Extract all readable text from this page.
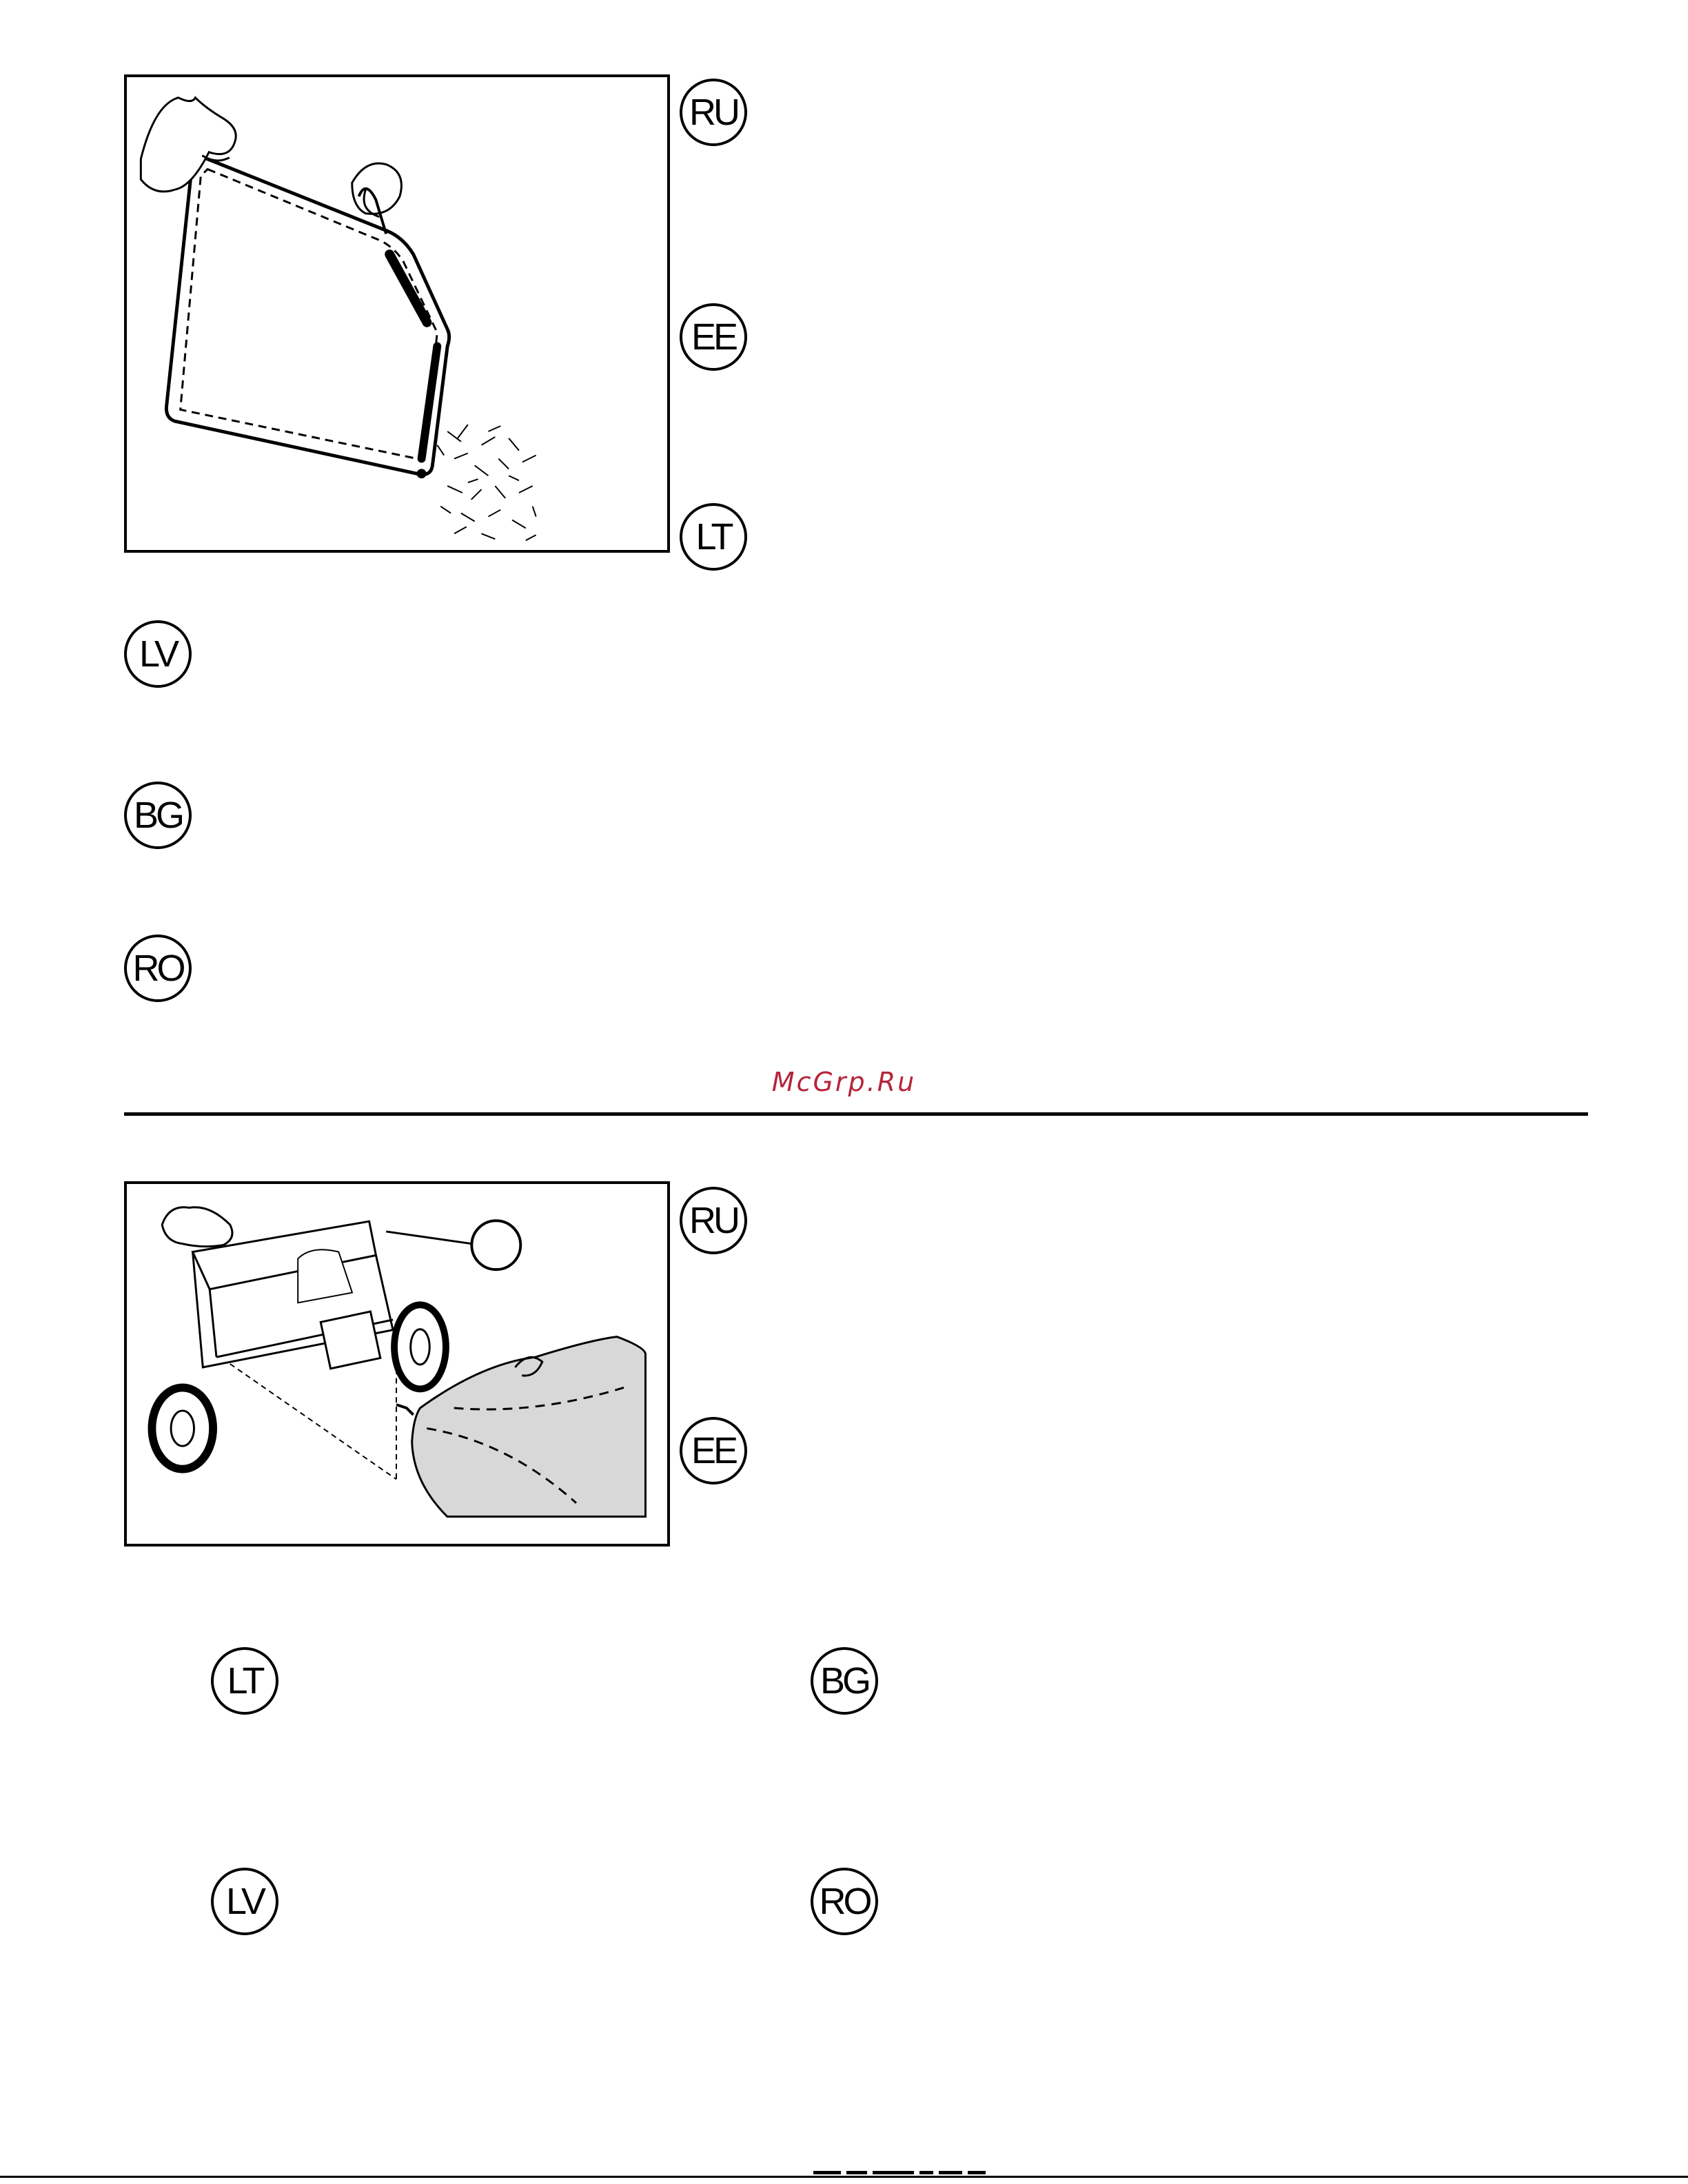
RU
EE
LT
LV
BG
RO
McGrp.Ru
RU
EE
LT	BG
LV	RO
